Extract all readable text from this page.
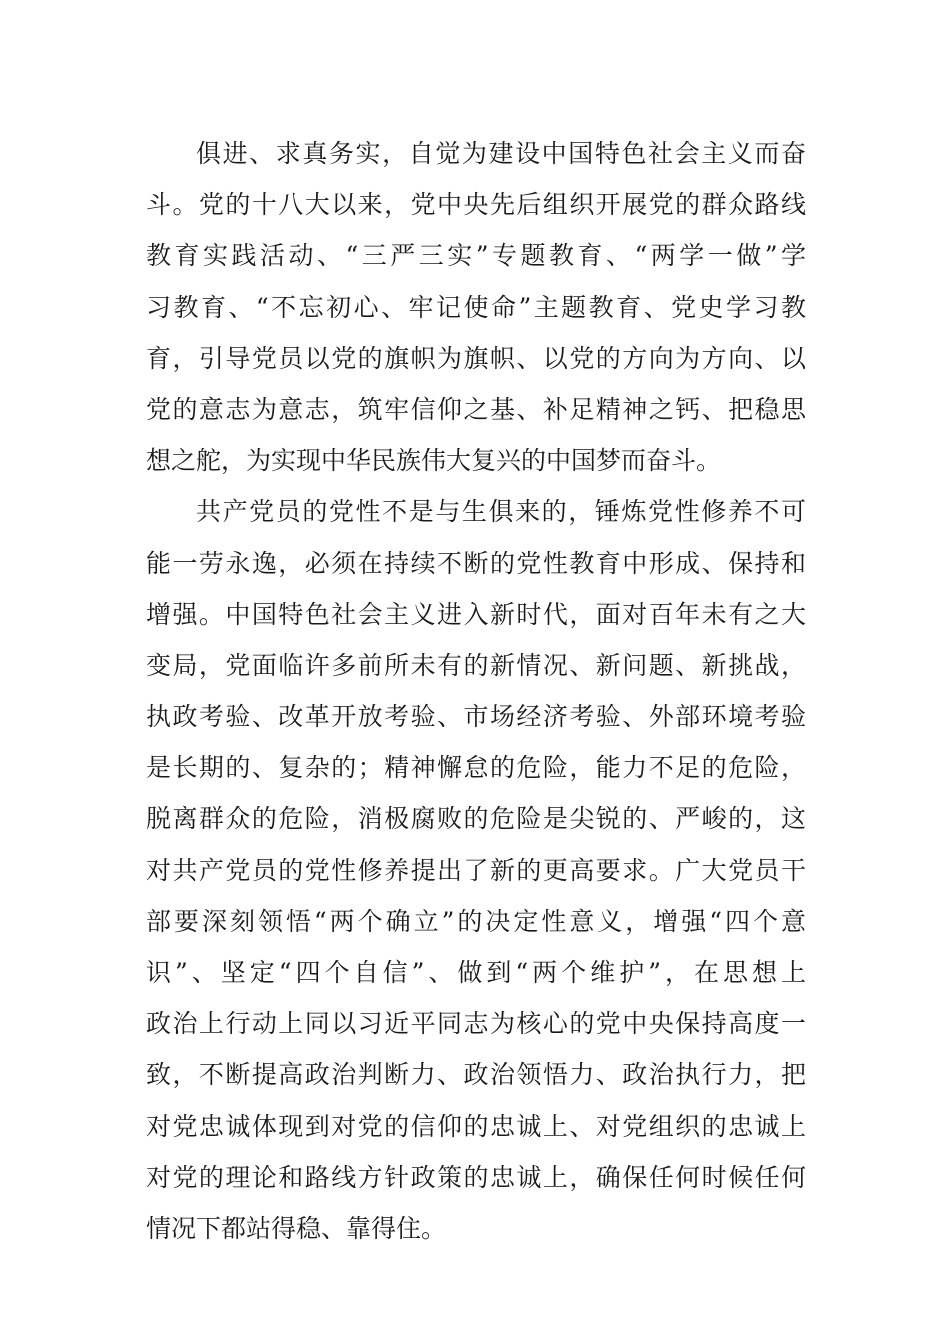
俱进、求真务实，自觉为建设中国特色社会主义而奋
斗。党的十八大以来，党中央先后组织开展党的群众路线
教育实践活动、“三严三实”专题教育、“两学一做”学
习教育、“不忘初心、牢记使命”主题教育、党史学习教
育，引导党员以党的旗帜为旗帜、以党的方向为方向、以
党的意志为意志，筑牢信仰之基、补足精神之钙、把稳思
想之舵，为实现中华民族伟大复兴的中国梦而奋斗。
共产党员的党性不是与生俱来的，锤炼党性修养不可
能一劳永逸，必须在持续不断的党性教育中形成、保持和
增强。中国特色社会主义进入新时代，面对百年未有之大
变局，党面临许多前所未有的新情况、新问题、新挑战，
执政考验、改革开放考验、市场经济考验、外部环境考验
是长期的、复杂的；精神懈怠的危险，能力不足的危险，
脱离群众的危险，消极腐败的危险是尖锐的、严峻的，这
对共产党员的党性修养提出了新的更高要求。广大党员干
部要深刻领悟“两个确立”的决定性意义，增强“四个意
识”、坚定“四个自信”、做到“两个维护”，在思想上
政治上行动上同以习近平同志为核心的党中央保持高度一
致，不断提高政治判断力、政治领悟力、政治执行力，把
对党忠诚体现到对党的信仰的忠诚上、对党组织的忠诚上
对党的理论和路线方针政策的忠诚上，确保任何时候任何
情况下都站得稳、靠得住。
